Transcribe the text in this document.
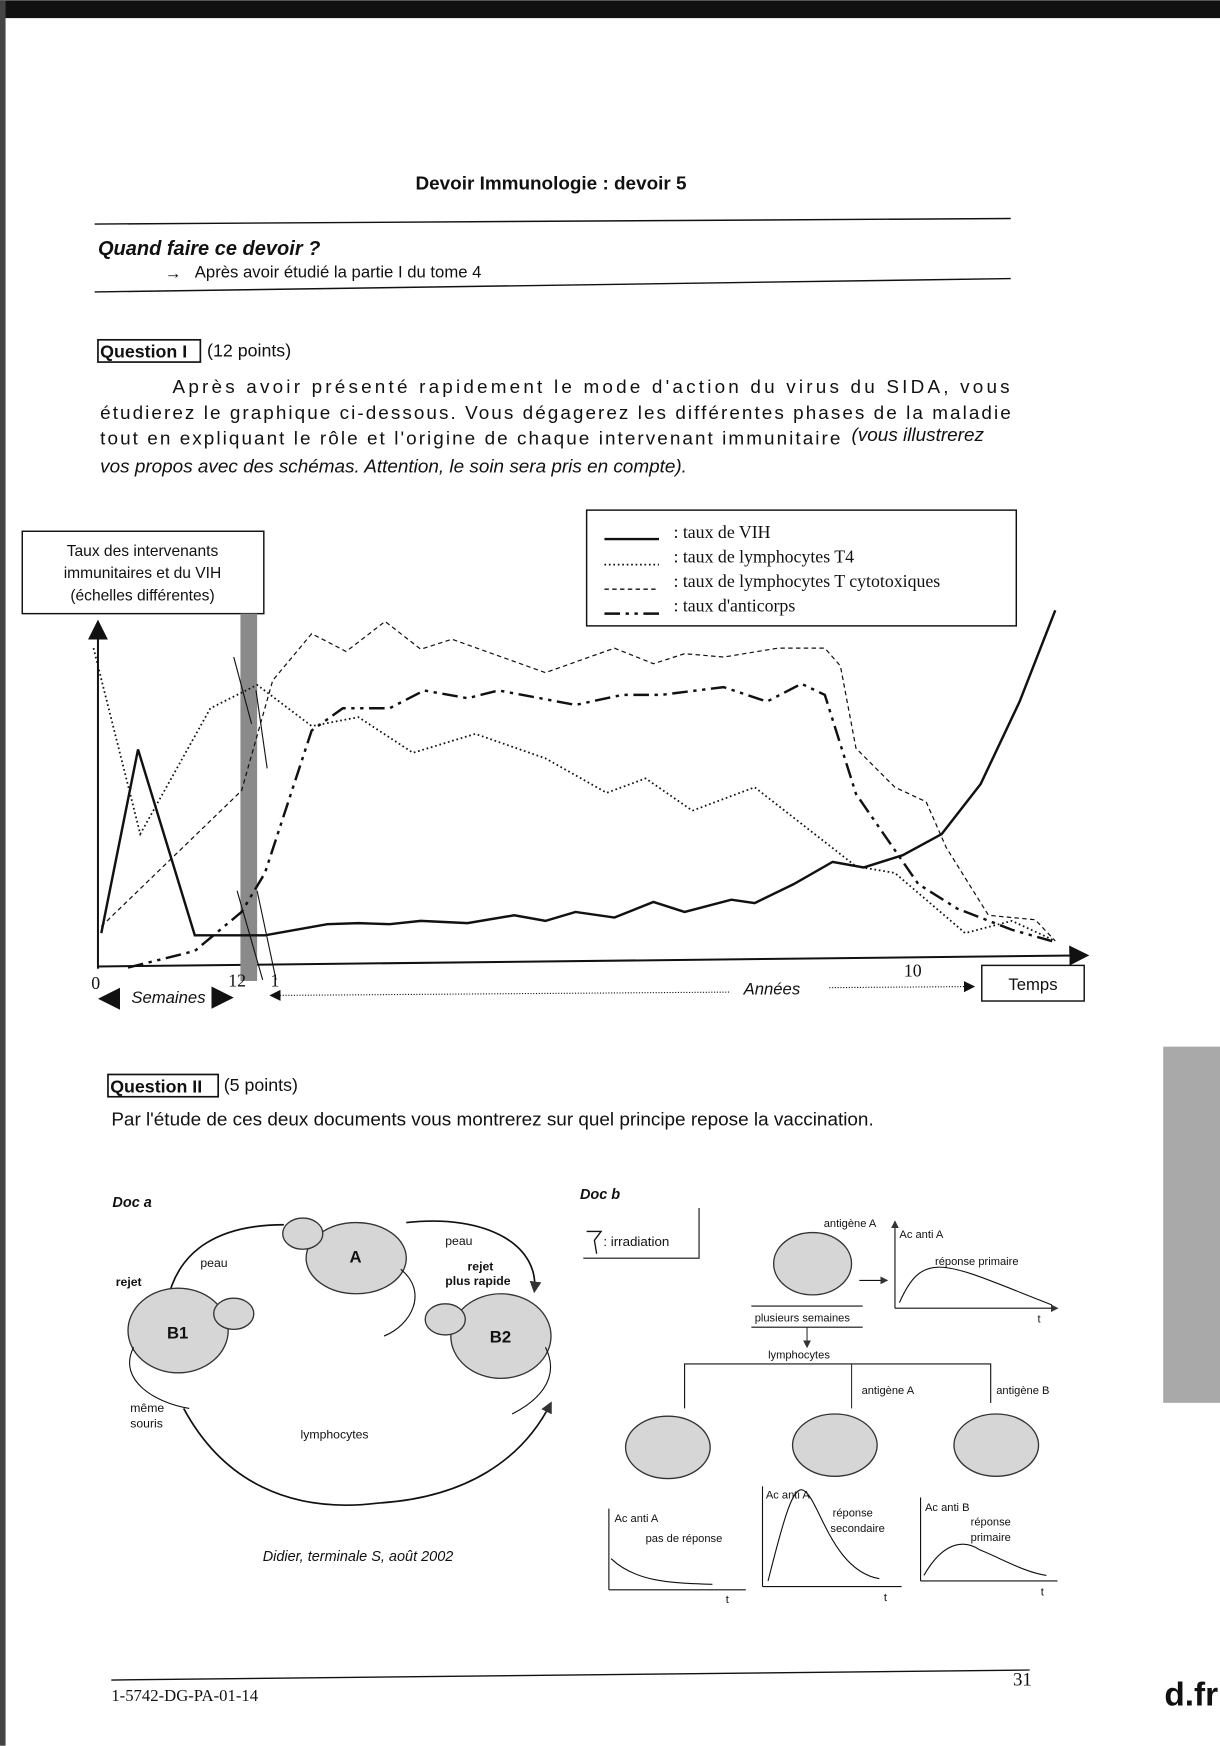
d.fr
Devoir Immunologie : devoir 5
Quand faire ce devoir ?
→ Après avoir étudié la partie I du tome 4
Question I (12 points)
Après avoir présenté rapidement le mode d'action du virus du SIDA, vous
étudierez le graphique ci-dessous. Vous dégagerez les différentes phases de la maladie
tout en expliquant le rôle et l'origine de chaque intervenant immunitaire (vous illustrerez
vos propos avec des schémas. Attention, le soin sera pris en compte).
Taux des intervenants
immunitaires et du VIH
(échelles différentes)
: taux de VIH
: taux de lymphocytes T4
: taux de lymphocytes T cytotoxiques
: taux d'anticorps
0	12 1
10
Semaines	Années	Temps
Question II (5 points)
Par l'étude de ces deux documents vous montrerez sur quel principe repose la vaccination.
Doc a
A
B1	B2
peau
peau
rejet
rejet
plus rapide
même
souris
lymphocytes
Didier, terminale S, août 2002
Doc b
: irradiation
antigène A
Ac anti A
réponse primaire
t
plusieurs semaines
lymphocytes
antigène A	antigène B
Ac anti A
pas de réponse
t
Ac anti A
réponse
secondaire
t
Ac anti B
réponse
primaire
t
1-5742-DG-PA-01-14
31
